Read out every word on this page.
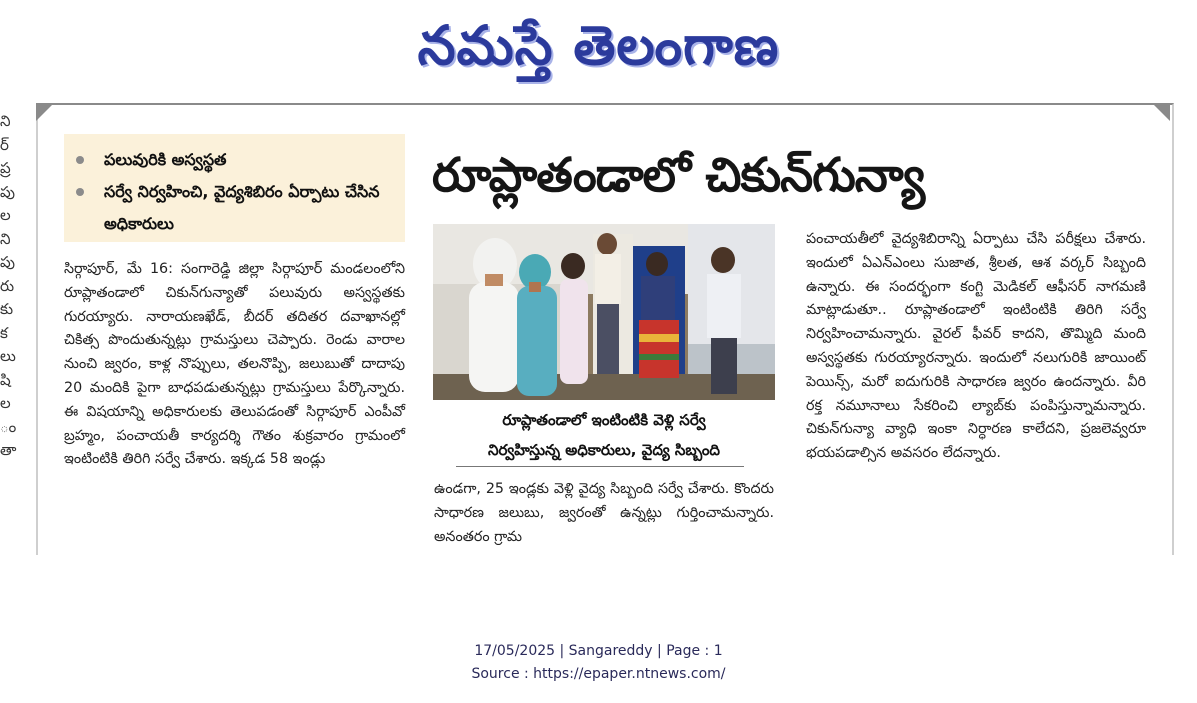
నమస్తే తెలంగాణ
ని
ర్
ప్ర
పు
ల
ని
పు
రు
కు
క
లు
షి
ల
ం
తా
పలువురికి అస్వస్థత
సర్వే నిర్వహించి, వైద్యశిబిరం ఏర్పాటు చేసిన అధికారులు
రూప్లాతండాలో చికున్‌గున్యా
సిర్గాపూర్, మే 16: సంగారెడ్డి జిల్లా సిర్గాపూర్ మండలంలోని రూప్లాతండాలో చికున్‌గున్యాతో పలువురు అస్వస్థతకు గురయ్యారు. నారాయణఖేడ్, బీదర్ తదితర దవాఖానల్లో చికిత్స పొందుతున్నట్లు గ్రామస్తులు చెప్పారు. రెండు వారాల నుంచి జ్వరం, కాళ్ల నొప్పులు, తలనొప్పి, జలుబుతో దాదాపు 20 మందికి పైగా బాధపడుతున్నట్లు గ్రామస్తులు పేర్కొన్నారు. ఈ విషయాన్ని అధికారులకు తెలుపడంతో సిర్గాపూర్ ఎంపీవో బ్రహ్మం, పంచాయతీ కార్యదర్శి గౌతం శుక్రవారం గ్రామంలో ఇంటింటికి తిరిగి సర్వే చేశారు. ఇక్కడ 58 ఇండ్లు
రూప్లాతండాలో ఇంటింటికి వెళ్లి సర్వే
నిర్వహిస్తున్న అధికారులు, వైద్య సిబ్బంది
ఉండగా, 25 ఇండ్లకు వెళ్లి వైద్య సిబ్బంది సర్వే చేశారు. కొందరు సాధారణ జలుబు, జ్వరంతో ఉన్నట్లు గుర్తించామన్నారు. అనంతరం గ్రామ
పంచాయతీలో వైద్యశిబిరాన్ని ఏర్పాటు చేసి పరీక్షలు చేశారు. ఇందులో ఏఎన్‌ఎంలు సుజాత, శ్రీలత, ఆశ వర్కర్ సిబ్బంది ఉన్నారు. ఈ సందర్భంగా కంగ్టి మెడికల్ ఆఫీసర్ నాగమణి మాట్లాడుతూ.. రూప్లాతండాలో ఇంటింటికి తిరిగి సర్వే నిర్వహించామన్నారు. వైరల్ ఫీవర్ కాదని, తొమ్మిది మంది అస్వస్థతకు గురయ్యారన్నారు. ఇందులో నలుగురికి జాయింట్ పెయిన్స్, మరో ఐదుగురికి సాధారణ జ్వరం ఉందన్నారు. వీరి రక్త నమూనాలు సేకరించి ల్యాబ్‌కు పంపిస్తున్నామన్నారు. చికున్‌గున్యా వ్యాధి ఇంకా నిర్ధారణ కాలేదని, ప్రజలెవ్వరూ భయపడాల్సిన అవసరం లేదన్నారు.
17/05/2025 | Sangareddy | Page : 1
Source : https://epaper.ntnews.com/
